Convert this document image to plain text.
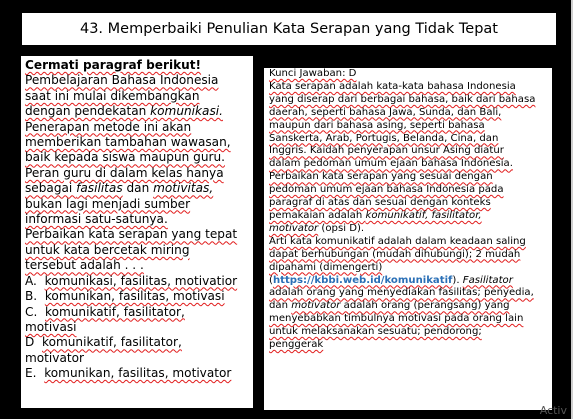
43. Memperbaiki Penulian Kata Serapan yang Tidak Tepat
Cermati paragraf berikut!
Pembelajaran Bahasa Indonesia
saat ini mulai dikembangkan
dengan pendekatan komunikasi.
Penerapan metode ini akan
memberikan tambahan wawasan,
baik kepada siswa maupun guru.
Peran guru di dalam kelas hanya
sebagai fasilitas dan motivitas,
bukan lagi menjadi sumber
informasi satu-satunya.
Perbaikan kata serapan yang tepat
untuk kata bercetak miring
tersebut adalah . . .
A. komunikasi, fasilitas, motivatior
B. komunikan, fasilitas, motivasi
C. komunikatif, fasilitator,
motivasi
D komunikatif, fasilitator,
motivator
E. komunikan, fasilitas, motivator
Kunci Jawaban: D
Kata serapan adalah kata-kata bahasa Indonesia
yang diserap dari berbagai bahasa, baik dari bahasa
daerah, seperti bahasa Jawa, Sunda, dan Bali,
maupun dari bahasa asing, seperti bahasa
Sanskerta, Arab, Portugis, Belanda, Cina, dan
Inggris. Kaidah penyerapan unsur Asing diatur
dalam pedoman umum ejaan bahasa Indonesia.
Perbaikan kata serapan yang sesuai dengan
pedoman umum ejaan bahasa Indonesia pada
paragraf di atas dan sesuai dengan konteks
pemakaian adalah komunikatif, fasilitator,
motivator (opsi D).
Arti kata komunikatif adalah dalam keadaan saling
dapat berhubungan (mudah dihubungi); 2 mudah
dipahami (dimengerti)
(https://kbbi.web.id/komunikatif). Fasilitator
adalah orang yang menyediakan fasilitas; penyedia,
dan motivator adalah orang (perangsang) yang
menyebabkan timbulnya motivasi pada orang lain
untuk melaksanakan sesuatu; pendorong;
penggerak
Activ
